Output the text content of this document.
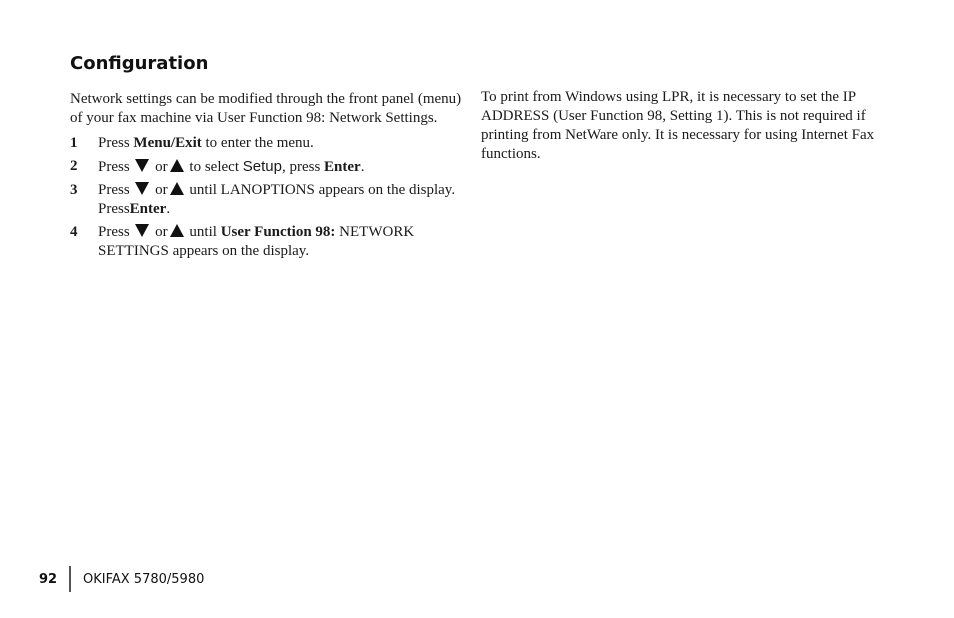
Configuration

Network settings can be modified through the front panel (menu) of your fax machine via User Function 98: Network Settings.

1 Press Menu/Exit to enter the menu.
2 Press or to select Setup, press Enter.
3 Press or until LANOPTIONS appears on the display. PressEnter.
4 Press or until User Function 98: NETWORK SETTINGS appears on the display.

To print from Windows using LPR, it is necessary to set the IP ADDRESS (User Function 98, Setting 1). This is not required if printing from NetWare only. It is necessary for using Internet Fax functions.

92	OKIFAX 5780/5980
